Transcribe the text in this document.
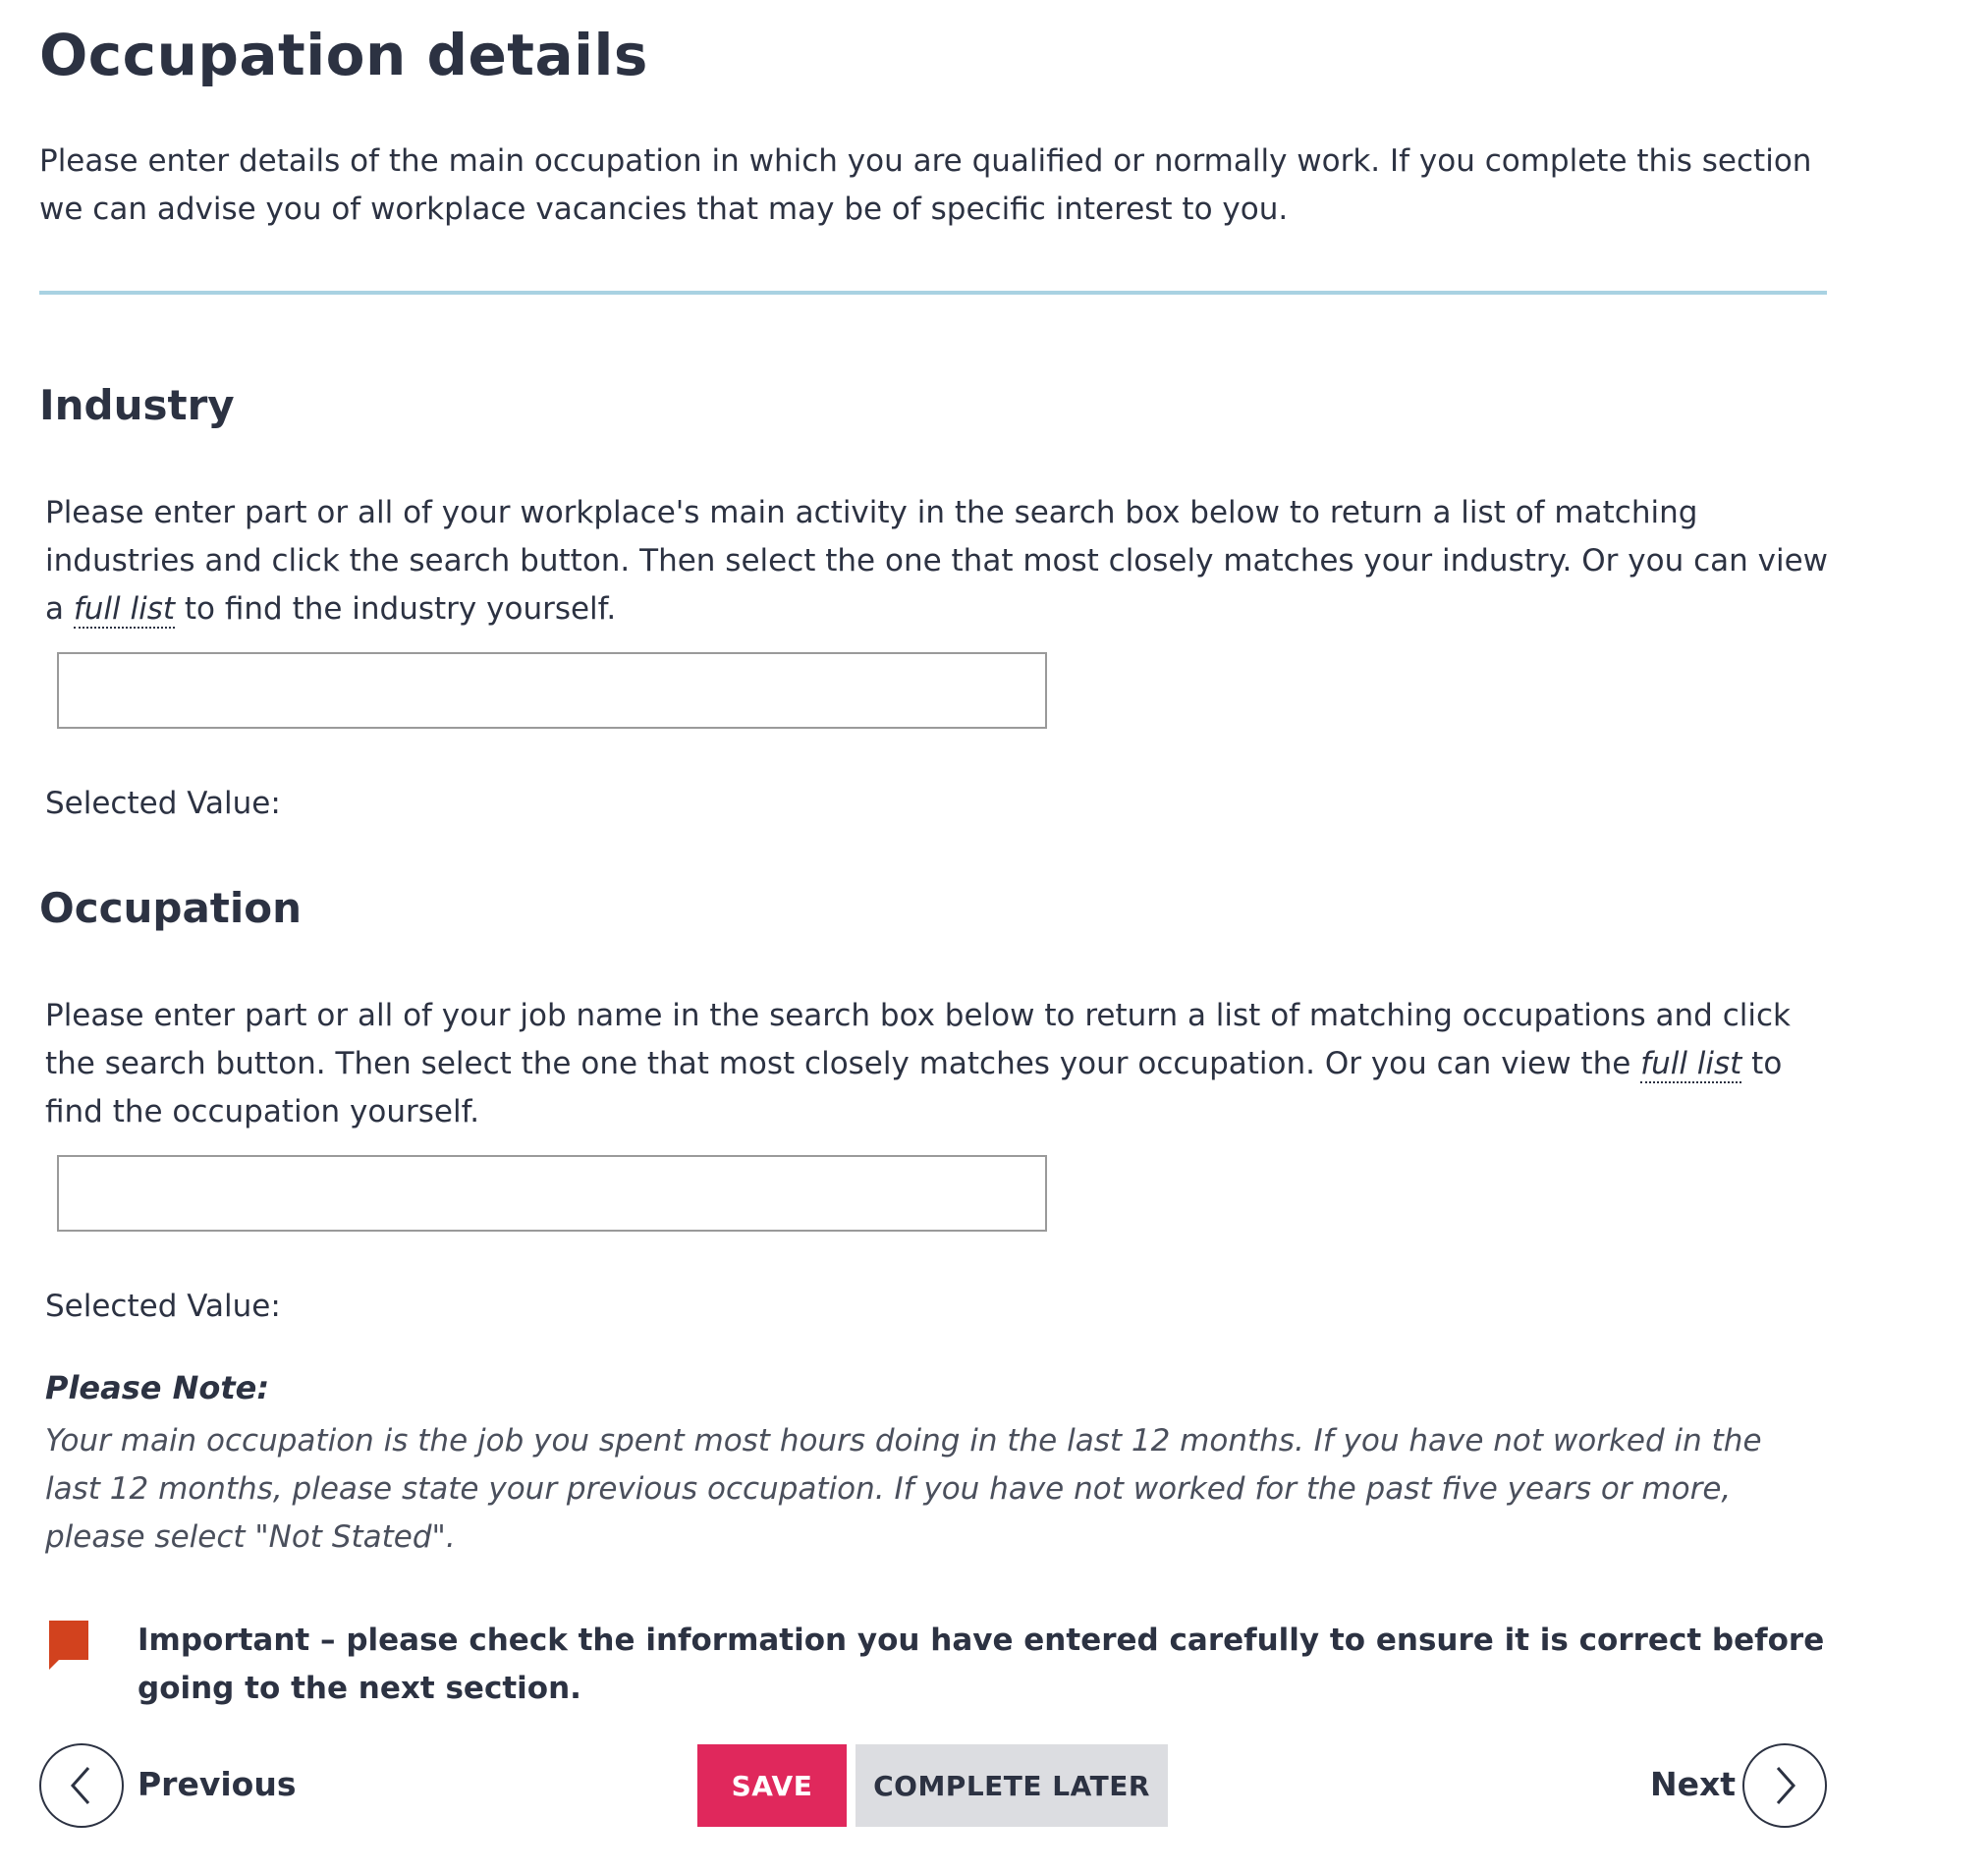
Occupation details
Please enter details of the main occupation in which you are qualified or normally work. If you complete this section we can advise you of workplace vacancies that may be of specific interest to you.
Industry
Please enter part or all of your workplace's main activity in the search box below to return a list of matching industries and click the search button. Then select the one that most closely matches your industry. Or you can view a full list to find the industry yourself.
Selected Value:
Occupation
Please enter part or all of your job name in the search box below to return a list of matching occupations and click the search button. Then select the one that most closely matches your occupation. Or you can view the full list to find the occupation yourself.
Selected Value:
Please Note:
Your main occupation is the job you spent most hours doing in the last 12 months. If you have not worked in the last 12 months, please state your previous occupation. If you have not worked for the past five years or more, please select "Not Stated".
Important – please check the information you have entered carefully to ensure it is correct before going to the next section.
Previous	SAVE	COMPLETE LATER	Next
